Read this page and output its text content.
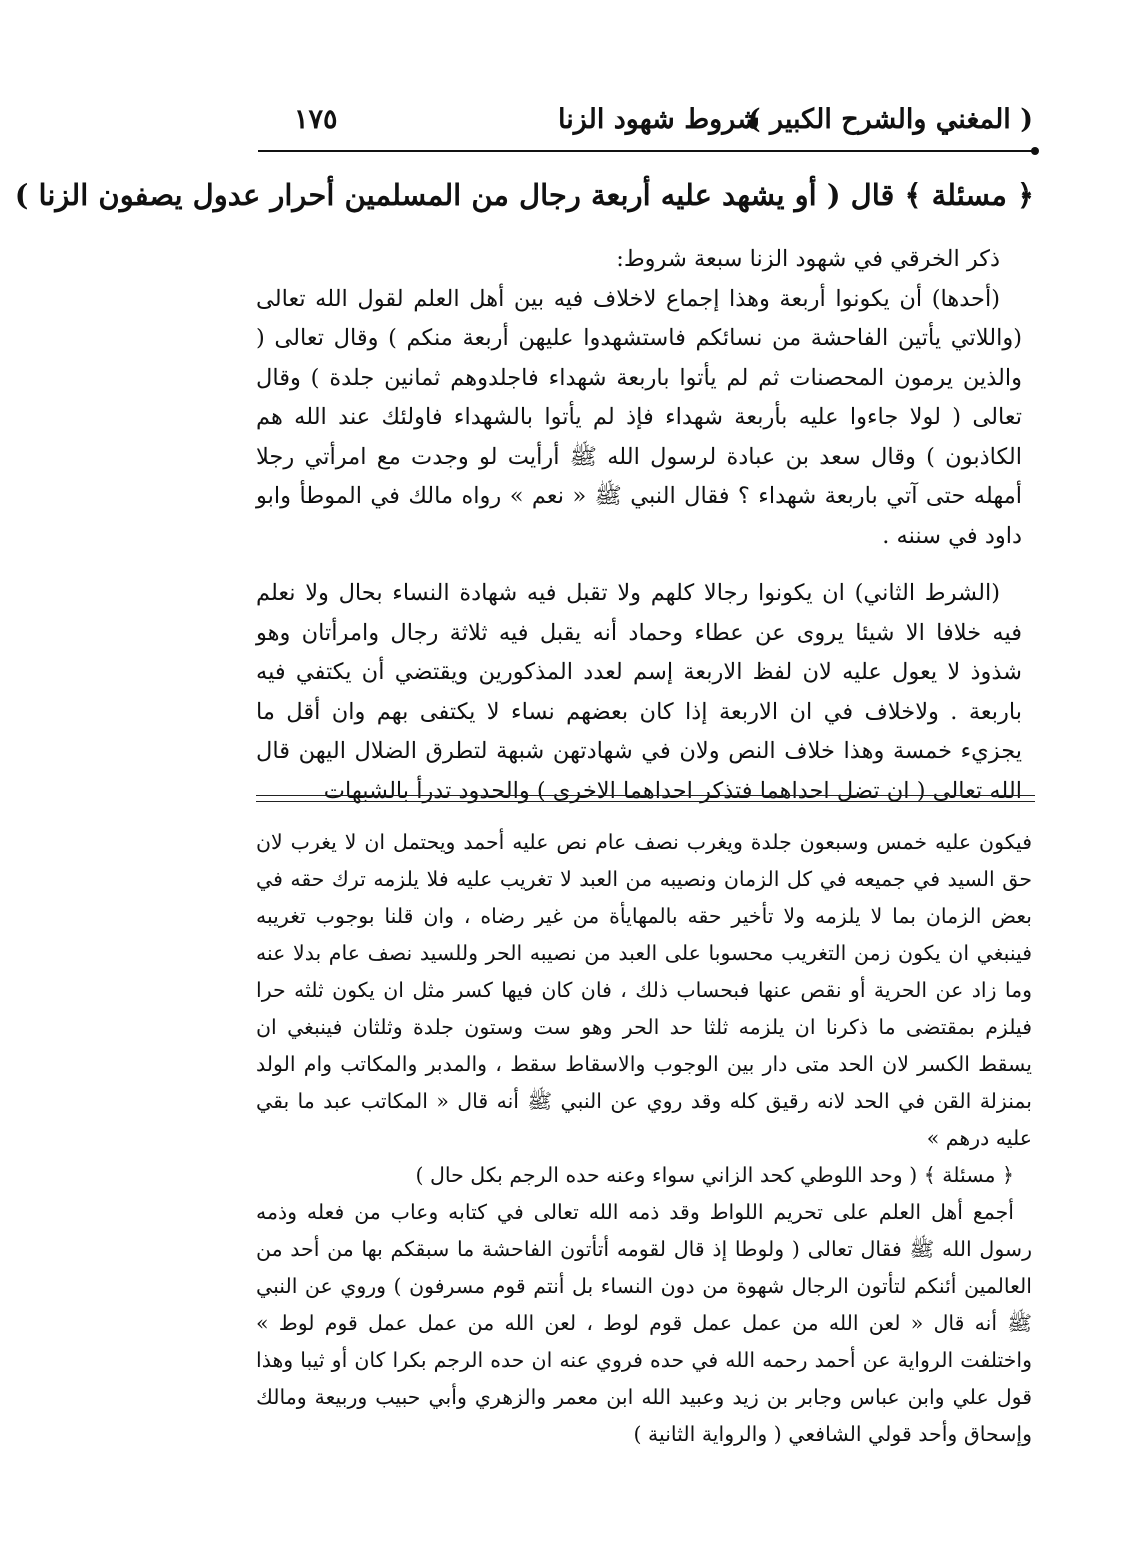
( المغني والشرح الكبير )
شروط شهود الزنا
١٧٥
﴿ مسئلة ﴾ قال ( أو يشهد عليه أربعة رجال من المسلمين أحرار عدول يصفون الزنا )

ذكر الخرقي في شهود الزنا سبعة شروط:

(أحدها) أن يكونوا أربعة وهذا إجماع لاخلاف فيه بين أهل العلم لقول الله تعالى (واللاتي يأتين الفاحشة من نسائكم فاستشهدوا عليهن أربعة منكم ) وقال تعالى ( والذين يرمون المحصنات ثم لم يأتوا باربعة شهداء فاجلدوهم ثمانين جلدة ) وقال تعالى ( لولا جاءوا عليه بأربعة شهداء فإذ لم يأتوا بالشهداء فاولئك عند الله هم الكاذبون ) وقال سعد بن عبادة لرسول الله ﷺ أرأيت لو وجدت مع امرأتي رجلا أمهله حتى آتي باربعة شهداء ؟ فقال النبي ﷺ « نعم » رواه مالك في الموطأ وابو داود في سننه .

(الشرط الثاني) ان يكونوا رجالا كلهم ولا تقبل فيه شهادة النساء بحال ولا نعلم فيه خلافا الا شيئا يروى عن عطاء وحماد أنه يقبل فيه ثلاثة رجال وامرأتان وهو شذوذ لا يعول عليه لان لفظ الاربعة إسم لعدد المذكورين ويقتضي أن يكتفي فيه باربعة . ولاخلاف في ان الاربعة إذا كان بعضهم نساء لا يكتفى بهم وان أقل ما يجزيء خمسة وهذا خلاف النص ولان في شهادتهن شبهة لتطرق الضلال اليهن قال الله تعالى ( ان تضل احداهما فتذكر احداهما الاخرى ) والحدود تدرأ بالشبهات

فيكون عليه خمس وسبعون جلدة ويغرب نصف عام نص عليه أحمد ويحتمل ان لا يغرب لان حق السيد في جميعه في كل الزمان ونصيبه من العبد لا تغريب عليه فلا يلزمه ترك حقه في بعض الزمان بما لا يلزمه ولا تأخير حقه بالمهايأة من غير رضاه ، وان قلنا بوجوب تغريبه فينبغي ان يكون زمن التغريب محسوبا على العبد من نصيبه الحر وللسيد نصف عام بدلا عنه وما زاد عن الحرية أو نقص عنها فبحساب ذلك ، فان كان فيها كسر مثل ان يكون ثلثه حرا فيلزم بمقتضى ما ذكرنا ان يلزمه ثلثا حد الحر وهو ست وستون جلدة وثلثان فينبغي ان يسقط الكسر لان الحد متى دار بين الوجوب والاسقاط سقط ، والمدبر والمكاتب وام الولد بمنزلة القن في الحد لانه رقيق كله وقد روي عن النبي ﷺ أنه قال « المكاتب عبد ما بقي عليه درهم »

﴿ مسئلة ﴾ ( وحد اللوطي كحد الزاني سواء وعنه حده الرجم بكل حال )

أجمع أهل العلم على تحريم اللواط وقد ذمه الله تعالى في كتابه وعاب من فعله وذمه رسول الله ﷺ فقال تعالى ( ولوطا إذ قال لقومه أتأتون الفاحشة ما سبقكم بها من أحد من العالمين أئنكم لتأتون الرجال شهوة من دون النساء بل أنتم قوم مسرفون ) وروي عن النبي ﷺ أنه قال « لعن الله من عمل عمل قوم لوط ، لعن الله من عمل عمل قوم لوط » واختلفت الرواية عن أحمد رحمه الله في حده فروي عنه ان حده الرجم بكرا كان أو ثيبا وهذا قول علي وابن عباس وجابر بن زيد وعبيد الله ابن معمر والزهري وأبي حبيب وربيعة ومالك وإسحاق وأحد قولي الشافعي ( والرواية الثانية )
